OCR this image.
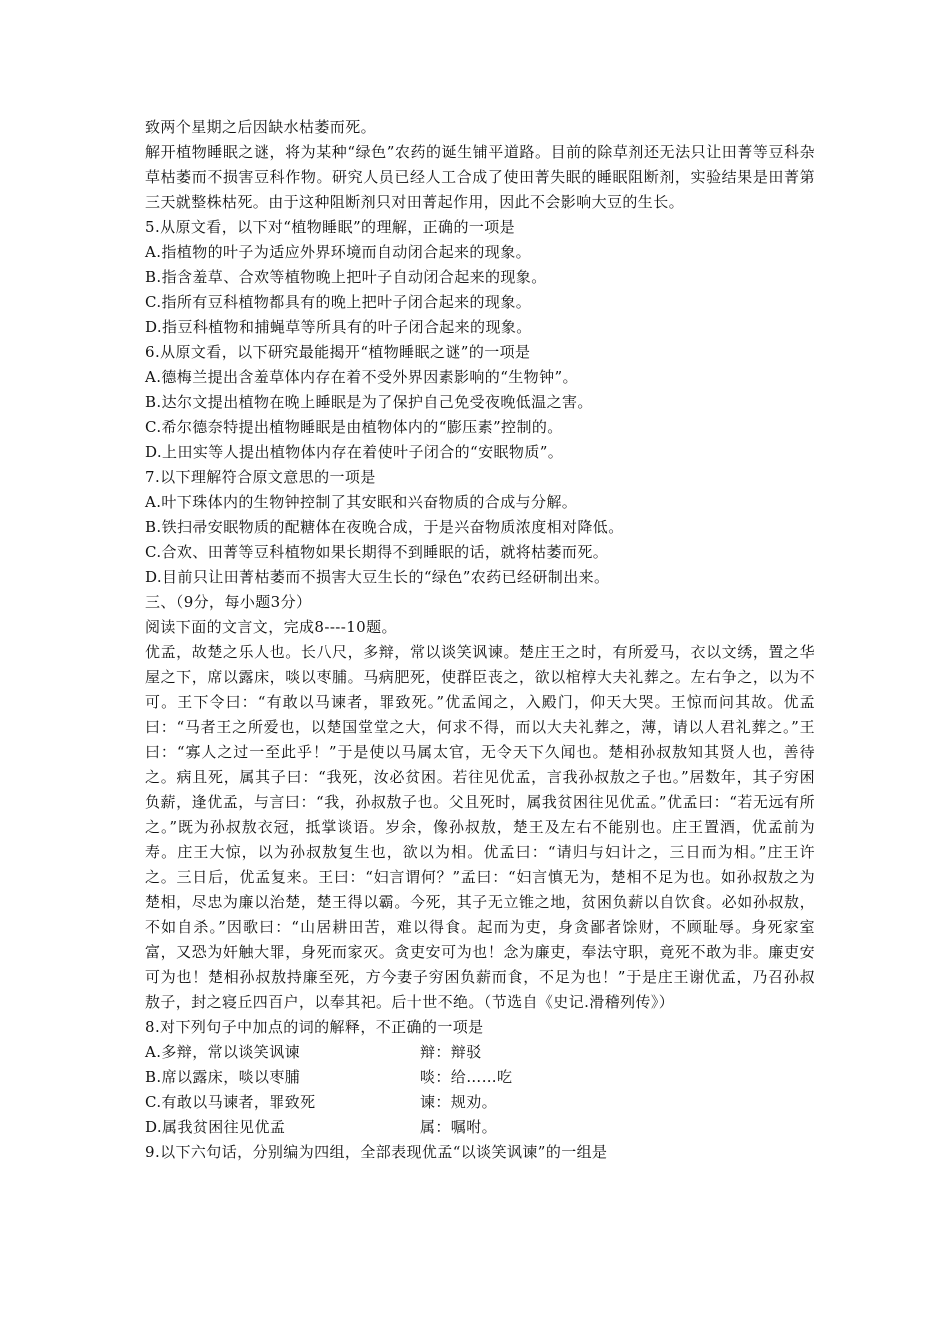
致两个星期之后因缺水枯萎而死。

解开植物睡眠之谜，将为某种“绿色”农药的诞生铺平道路。目前的除草剂还无法只让田菁等豆科杂草枯萎而不损害豆科作物。研究人员已经人工合成了使田菁失眠的睡眠阻断剂，实验结果是田菁第三天就整株枯死。由于这种阻断剂只对田菁起作用，因此不会影响大豆的生长。

5.从原文看，以下对“植物睡眠”的理解，正确的一项是

A.指植物的叶子为适应外界环境而自动闭合起来的现象。

B.指含羞草、合欢等植物晚上把叶子自动闭合起来的现象。

C.指所有豆科植物都具有的晚上把叶子闭合起来的现象。

D.指豆科植物和捕蝇草等所具有的叶子闭合起来的现象。

6.从原文看，以下研究最能揭开“植物睡眠之谜”的一项是

A.德梅兰提出含羞草体内存在着不受外界因素影响的“生物钟”。

B.达尔文提出植物在晚上睡眠是为了保护自己免受夜晚低温之害。

C.希尔德奈特提出植物睡眠是由植物体内的“膨压素”控制的。

D.上田实等人提出植物体内存在着使叶子闭合的“安眠物质”。

7.以下理解符合原文意思的一项是

A.叶下珠体内的生物钟控制了其安眠和兴奋物质的合成与分解。

B.铁扫帚安眠物质的配糖体在夜晚合成，于是兴奋物质浓度相对降低。

C.合欢、田菁等豆科植物如果长期得不到睡眠的话，就将枯萎而死。

D.目前只让田菁枯萎而不损害大豆生长的“绿色”农药已经研制出来。

三、（9分，每小题3分）

阅读下面的文言文，完成8----10题。

优孟，故楚之乐人也。长八尺，多辩，常以谈笑讽谏。楚庄王之时，有所爱马，衣以文绣，置之华屋之下，席以露床，啖以枣脯。马病肥死，使群臣丧之，欲以棺椁大夫礼葬之。左右争之，以为不可。王下令曰：“有敢以马谏者，罪致死。”优孟闻之，入殿门，仰天大哭。王惊而问其故。优孟曰：“马者王之所爱也，以楚国堂堂之大，何求不得，而以大夫礼葬之，薄，请以人君礼葬之。”王曰：“寡人之过一至此乎！”于是使以马属太官，无令天下久闻也。楚相孙叔敖知其贤人也，善待之。病且死，属其子曰：“我死，汝必贫困。若往见优孟，言我孙叔敖之子也。”居数年，其子穷困负薪，逢优孟，与言曰：“我，孙叔敖子也。父且死时，属我贫困往见优孟。”优孟曰：“若无远有所之。”既为孙叔敖衣冠，抵掌谈语。岁余，像孙叔敖，楚王及左右不能别也。庄王置酒，优孟前为寿。庄王大惊，以为孙叔敖复生也，欲以为相。优孟曰：“请归与妇计之，三日而为相。”庄王许之。三日后，优孟复来。王曰：“妇言谓何？”孟曰：“妇言慎无为，楚相不足为也。如孙叔敖之为楚相，尽忠为廉以治楚，楚王得以霸。今死，其子无立锥之地，贫困负薪以自饮食。必如孙叔敖，不如自杀。”因歌曰：“山居耕田苦，难以得食。起而为吏，身贪鄙者馀财，不顾耻辱。身死家室富，又恐为奸触大罪，身死而家灭。贪吏安可为也！念为廉吏，奉法守职，竟死不敢为非。廉吏安可为也！楚相孙叔敖持廉至死，方今妻子穷困负薪而食，不足为也！”于是庄王谢优孟，乃召孙叔敖子，封之寝丘四百户，以奉其祀。后十世不绝。（节选自《史记.滑稽列传》）

8.对下列句子中加点的词的解释，不正确的一项是

A.多辩，常以谈笑讽谏	辩：辩驳
B.席以露床，啖以枣脯	啖：给……吃
C.有敢以马谏者，罪致死	谏：规劝。
D.属我贫困往见优孟	属：嘱咐。

9.以下六句话，分别编为四组，全部表现优孟“以谈笑讽谏”的一组是
